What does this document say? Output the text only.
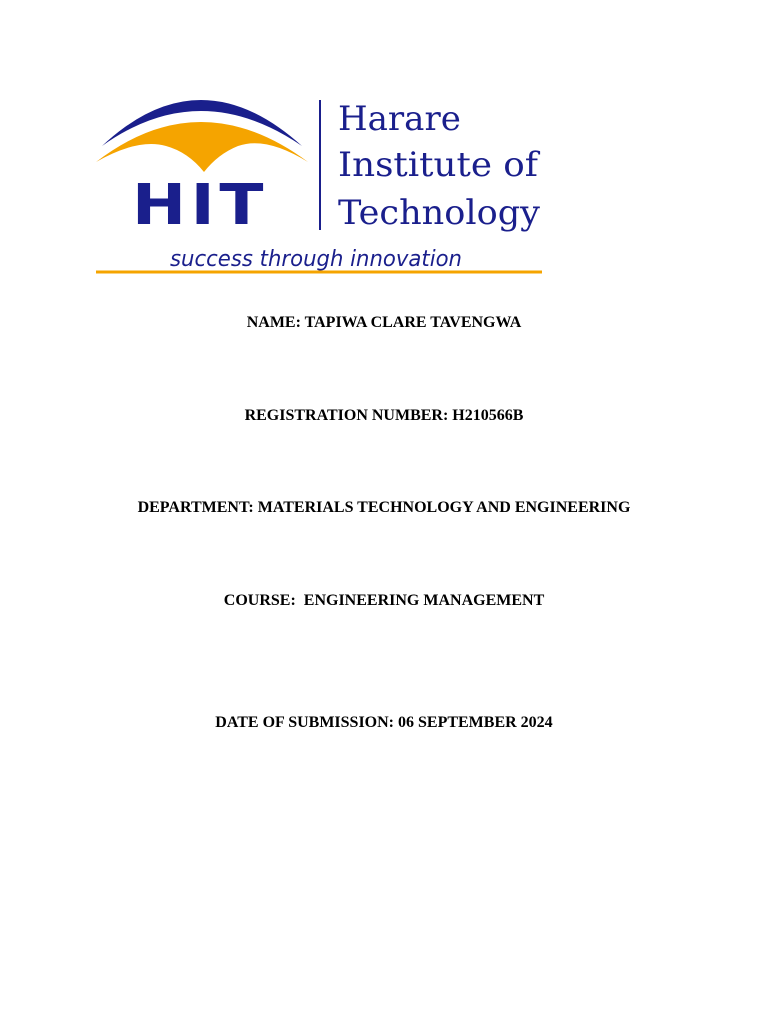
HIT
Harare
Institute of
Technology
success through innovation

NAME: TAPIWA CLARE TAVENGWA

REGISTRATION NUMBER: H210566B

DEPARTMENT: MATERIALS TECHNOLOGY AND ENGINEERING

COURSE:  ENGINEERING MANAGEMENT

DATE OF SUBMISSION: 06 SEPTEMBER 2024
